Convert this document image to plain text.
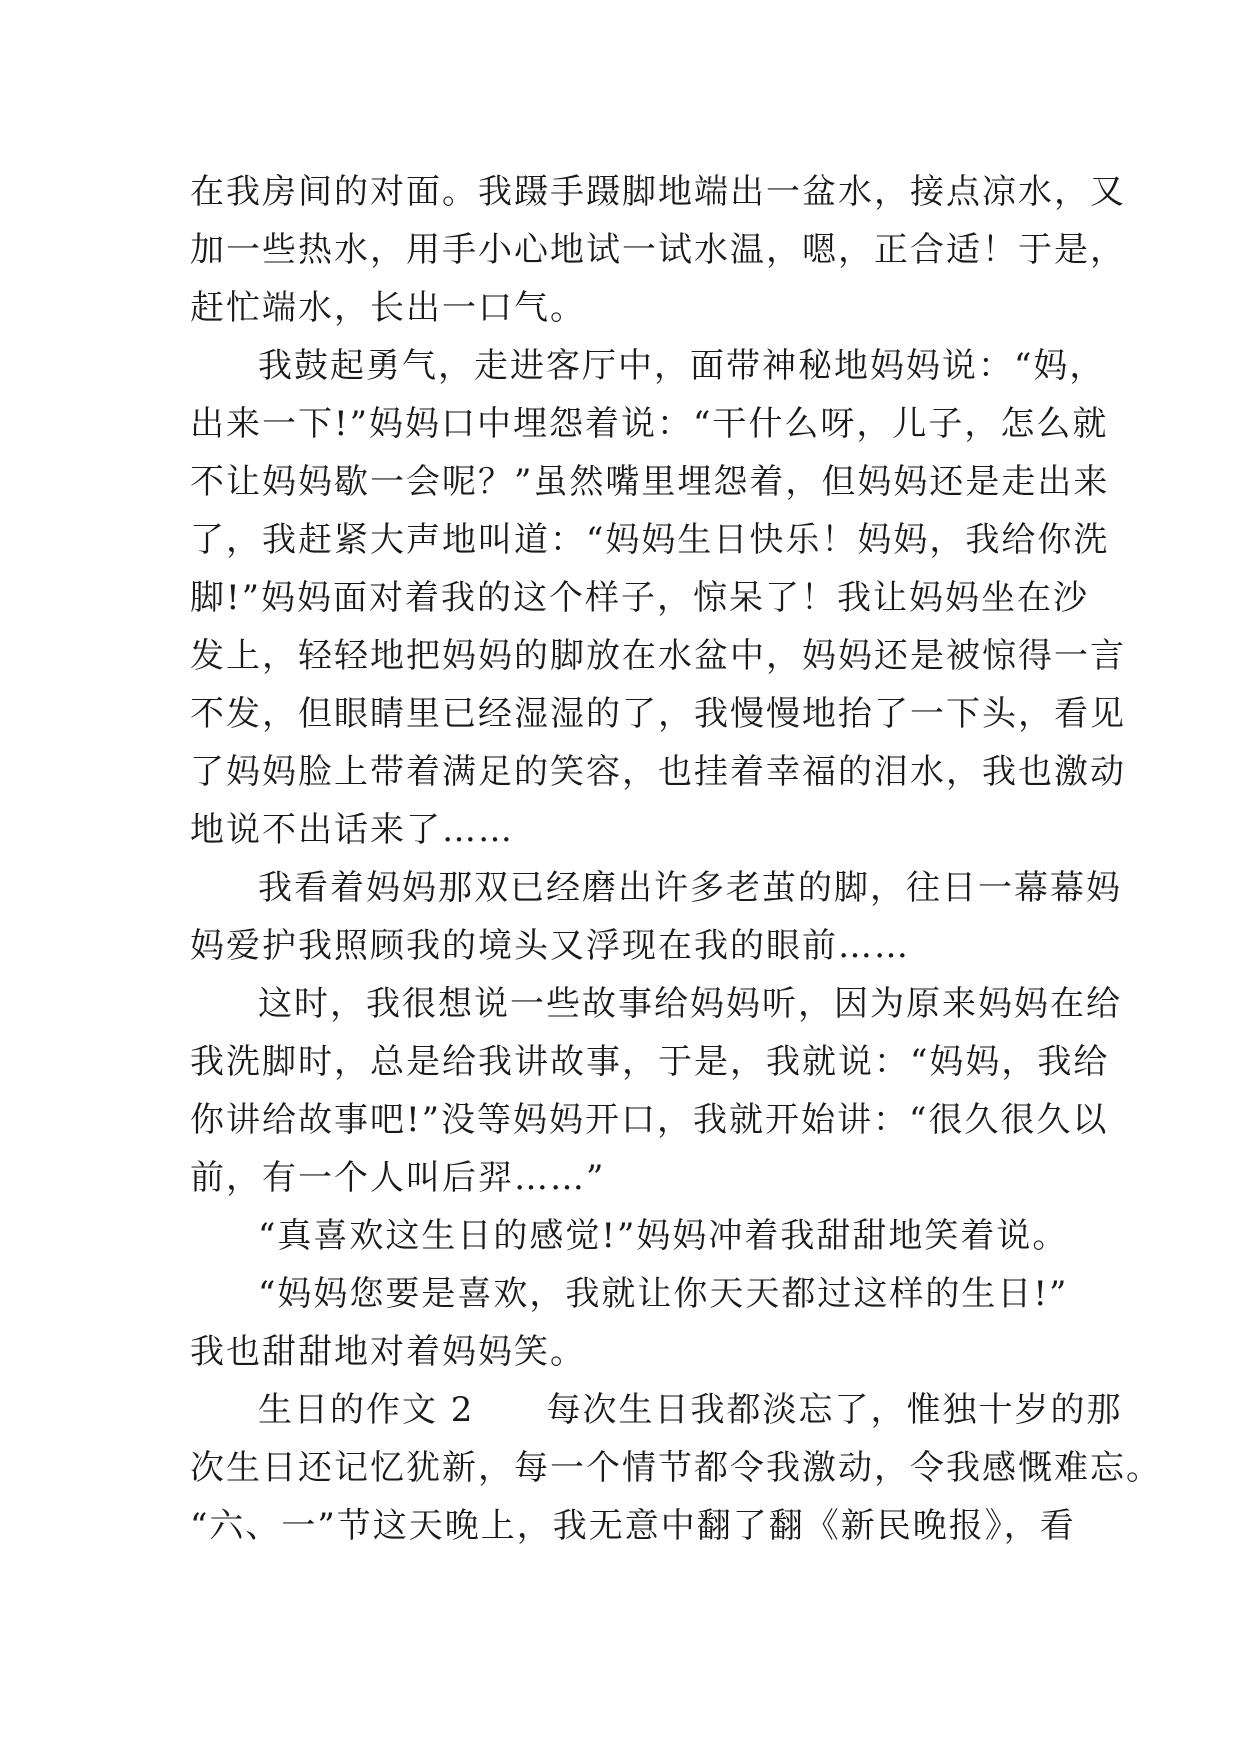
在我房间的对面。我蹑手蹑脚地端出一盆水，接点凉水，又
加一些热水，用手小心地试一试水温，嗯，正合适！于是，
赶忙端水，长出一口气。
我鼓起勇气，走进客厅中，面带神秘地妈妈说：“妈，
出来一下!”妈妈口中埋怨着说：“干什么呀，儿子，怎么就
不让妈妈歇一会呢？”虽然嘴里埋怨着，但妈妈还是走出来
了，我赶紧大声地叫道：“妈妈生日快乐！妈妈，我给你洗
脚!”妈妈面对着我的这个样子，惊呆了！我让妈妈坐在沙
发上，轻轻地把妈妈的脚放在水盆中，妈妈还是被惊得一言
不发，但眼睛里已经湿湿的了，我慢慢地抬了一下头，看见
了妈妈脸上带着满足的笑容，也挂着幸福的泪水，我也激动
地说不出话来了……
我看着妈妈那双已经磨出许多老茧的脚，往日一幕幕妈
妈爱护我照顾我的境头又浮现在我的眼前……
这时，我很想说一些故事给妈妈听，因为原来妈妈在给
我洗脚时，总是给我讲故事，于是，我就说：“妈妈，我给
你讲给故事吧!”没等妈妈开口，我就开始讲：“很久很久以
前，有一个人叫后羿……”
“真喜欢这生日的感觉!”妈妈冲着我甜甜地笑着说。
“妈妈您要是喜欢，我就让你天天都过这样的生日!”
我也甜甜地对着妈妈笑。
生日的作文 2　　每次生日我都淡忘了，惟独十岁的那
次生日还记忆犹新，每一个情节都令我激动，令我感慨难忘。
“六、一”节这天晚上，我无意中翻了翻《新民晚报》，看
